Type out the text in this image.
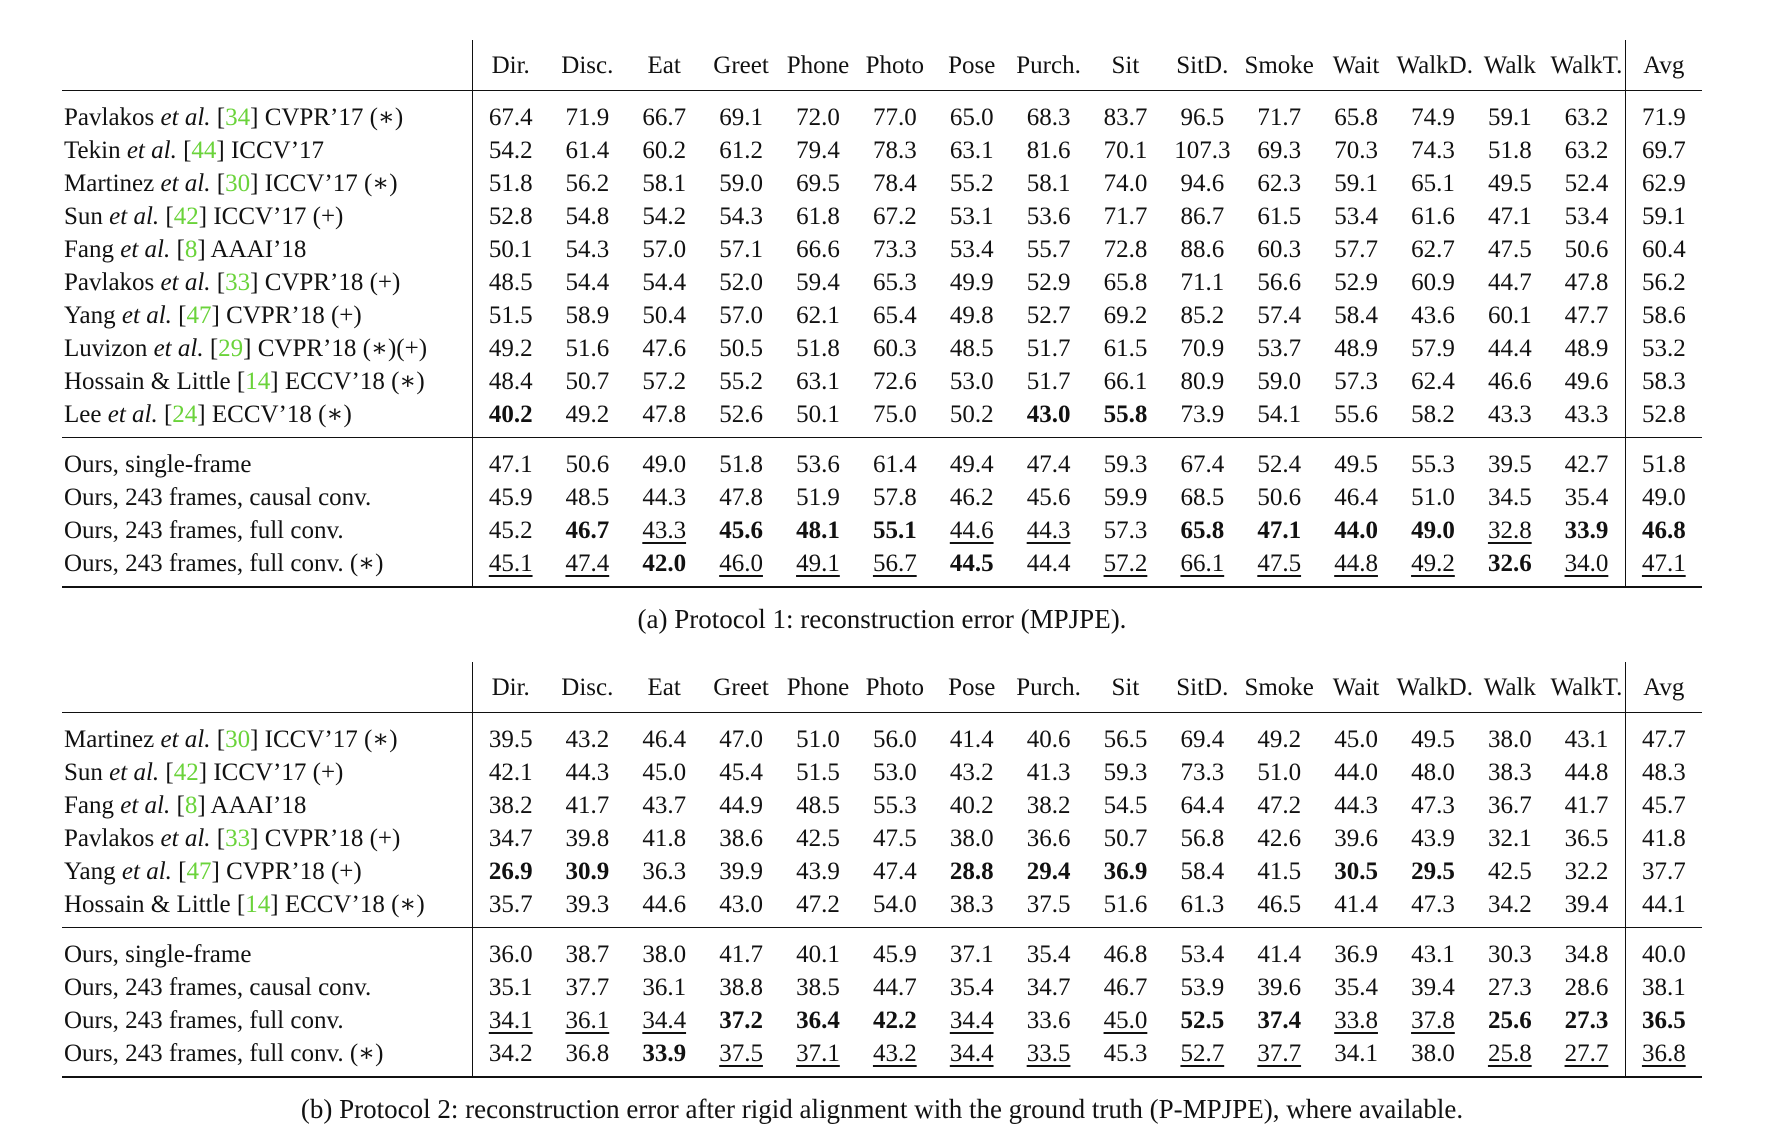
	Dir.	Disc.	Eat	Greet	Phone	Photo	Pose	Purch.	Sit	SitD.	Smoke	Wait	WalkD.	Walk	WalkT.	Avg
Pavlakos et al. [34] CVPR’17 (∗)	67.4	71.9	66.7	69.1	72.0	77.0	65.0	68.3	83.7	96.5	71.7	65.8	74.9	59.1	63.2	71.9
Tekin et al. [44] ICCV’17	54.2	61.4	60.2	61.2	79.4	78.3	63.1	81.6	70.1	107.3	69.3	70.3	74.3	51.8	63.2	69.7
Martinez et al. [30] ICCV’17 (∗)	51.8	56.2	58.1	59.0	69.5	78.4	55.2	58.1	74.0	94.6	62.3	59.1	65.1	49.5	52.4	62.9
Sun et al. [42] ICCV’17 (+)	52.8	54.8	54.2	54.3	61.8	67.2	53.1	53.6	71.7	86.7	61.5	53.4	61.6	47.1	53.4	59.1
Fang et al. [8] AAAI’18	50.1	54.3	57.0	57.1	66.6	73.3	53.4	55.7	72.8	88.6	60.3	57.7	62.7	47.5	50.6	60.4
Pavlakos et al. [33] CVPR’18 (+)	48.5	54.4	54.4	52.0	59.4	65.3	49.9	52.9	65.8	71.1	56.6	52.9	60.9	44.7	47.8	56.2
Yang et al. [47] CVPR’18 (+)	51.5	58.9	50.4	57.0	62.1	65.4	49.8	52.7	69.2	85.2	57.4	58.4	43.6	60.1	47.7	58.6
Luvizon et al. [29] CVPR’18 (∗)(+)	49.2	51.6	47.6	50.5	51.8	60.3	48.5	51.7	61.5	70.9	53.7	48.9	57.9	44.4	48.9	53.2
Hossain & Little [14] ECCV’18 (∗)	48.4	50.7	57.2	55.2	63.1	72.6	53.0	51.7	66.1	80.9	59.0	57.3	62.4	46.6	49.6	58.3
Lee et al. [24] ECCV’18 (∗)	40.2	49.2	47.8	52.6	50.1	75.0	50.2	43.0	55.8	73.9	54.1	55.6	58.2	43.3	43.3	52.8
Ours, single-frame	47.1	50.6	49.0	51.8	53.6	61.4	49.4	47.4	59.3	67.4	52.4	49.5	55.3	39.5	42.7	51.8
Ours, 243 frames, causal conv.	45.9	48.5	44.3	47.8	51.9	57.8	46.2	45.6	59.9	68.5	50.6	46.4	51.0	34.5	35.4	49.0
Ours, 243 frames, full conv.	45.2	46.7	43.3	45.6	48.1	55.1	44.6	44.3	57.3	65.8	47.1	44.0	49.0	32.8	33.9	46.8
Ours, 243 frames, full conv. (∗)	45.1	47.4	42.0	46.0	49.1	56.7	44.5	44.4	57.2	66.1	47.5	44.8	49.2	32.6	34.0	47.1
(a) Protocol 1: reconstruction error (MPJPE).
	Dir.	Disc.	Eat	Greet	Phone	Photo	Pose	Purch.	Sit	SitD.	Smoke	Wait	WalkD.	Walk	WalkT.	Avg
Martinez et al. [30] ICCV’17 (∗)	39.5	43.2	46.4	47.0	51.0	56.0	41.4	40.6	56.5	69.4	49.2	45.0	49.5	38.0	43.1	47.7
Sun et al. [42] ICCV’17 (+)	42.1	44.3	45.0	45.4	51.5	53.0	43.2	41.3	59.3	73.3	51.0	44.0	48.0	38.3	44.8	48.3
Fang et al. [8] AAAI’18	38.2	41.7	43.7	44.9	48.5	55.3	40.2	38.2	54.5	64.4	47.2	44.3	47.3	36.7	41.7	45.7
Pavlakos et al. [33] CVPR’18 (+)	34.7	39.8	41.8	38.6	42.5	47.5	38.0	36.6	50.7	56.8	42.6	39.6	43.9	32.1	36.5	41.8
Yang et al. [47] CVPR’18 (+)	26.9	30.9	36.3	39.9	43.9	47.4	28.8	29.4	36.9	58.4	41.5	30.5	29.5	42.5	32.2	37.7
Hossain & Little [14] ECCV’18 (∗)	35.7	39.3	44.6	43.0	47.2	54.0	38.3	37.5	51.6	61.3	46.5	41.4	47.3	34.2	39.4	44.1
Ours, single-frame	36.0	38.7	38.0	41.7	40.1	45.9	37.1	35.4	46.8	53.4	41.4	36.9	43.1	30.3	34.8	40.0
Ours, 243 frames, causal conv.	35.1	37.7	36.1	38.8	38.5	44.7	35.4	34.7	46.7	53.9	39.6	35.4	39.4	27.3	28.6	38.1
Ours, 243 frames, full conv.	34.1	36.1	34.4	37.2	36.4	42.2	34.4	33.6	45.0	52.5	37.4	33.8	37.8	25.6	27.3	36.5
Ours, 243 frames, full conv. (∗)	34.2	36.8	33.9	37.5	37.1	43.2	34.4	33.5	45.3	52.7	37.7	34.1	38.0	25.8	27.7	36.8
(b) Protocol 2: reconstruction error after rigid alignment with the ground truth (P-MPJPE), where available.
